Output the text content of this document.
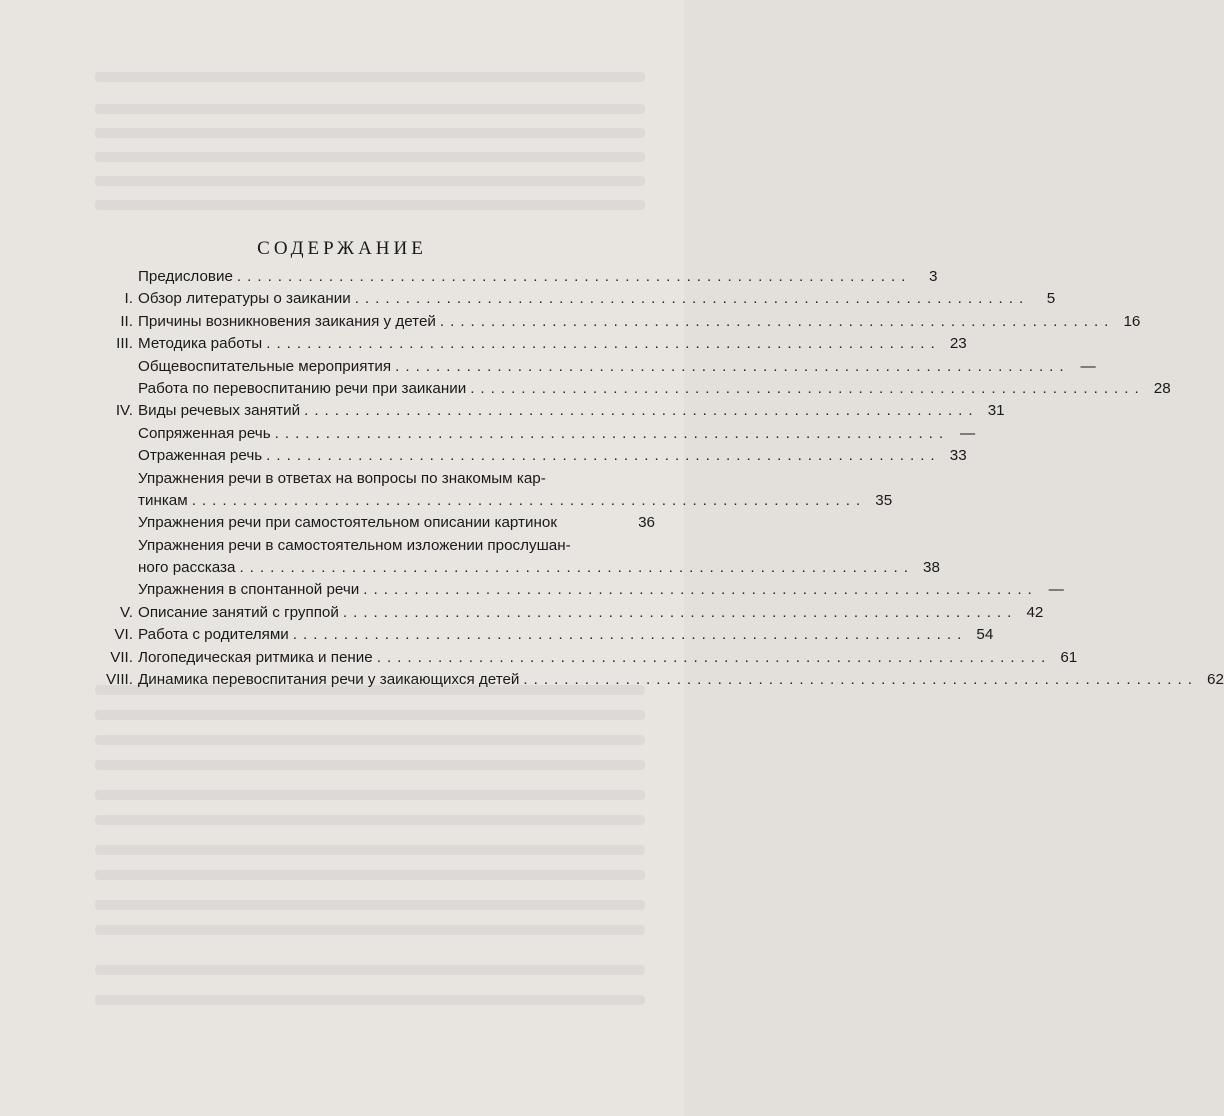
СОДЕРЖАНИЕ
Предисловие ..................................................................	3
I. Обзор литературы о заикании ..................................................................	5
II. Причины возникновения заикания у детей .................................................................. 16
III. Методика работы .................................................................. 23
Общевоспитательные мероприятия .................................................................. —
Работа по перевоспитанию речи при заикании .................................................................. 28
IV. Виды речевых занятий .................................................................. 31
Сопряженная речь .................................................................. —
Отраженная речь .................................................................. 33
Упражнения речи в ответах на вопросы по знакомым кар-
тинкам .................................................................. 35
Упражнения речи при самостоятельном описании картинок	36
Упражнения речи в самостоятельном изложении прослушан-
ного рассказа .................................................................. 38
Упражнения в спонтанной речи .................................................................. —
V. Описание занятий с группой .................................................................. 42
VI. Работа с родителями .................................................................. 54
VII. Логопедическая ритмика и пение .................................................................. 61
VIII. Динамика перевоспитания речи у заикающихся детей .................................................................. 62
